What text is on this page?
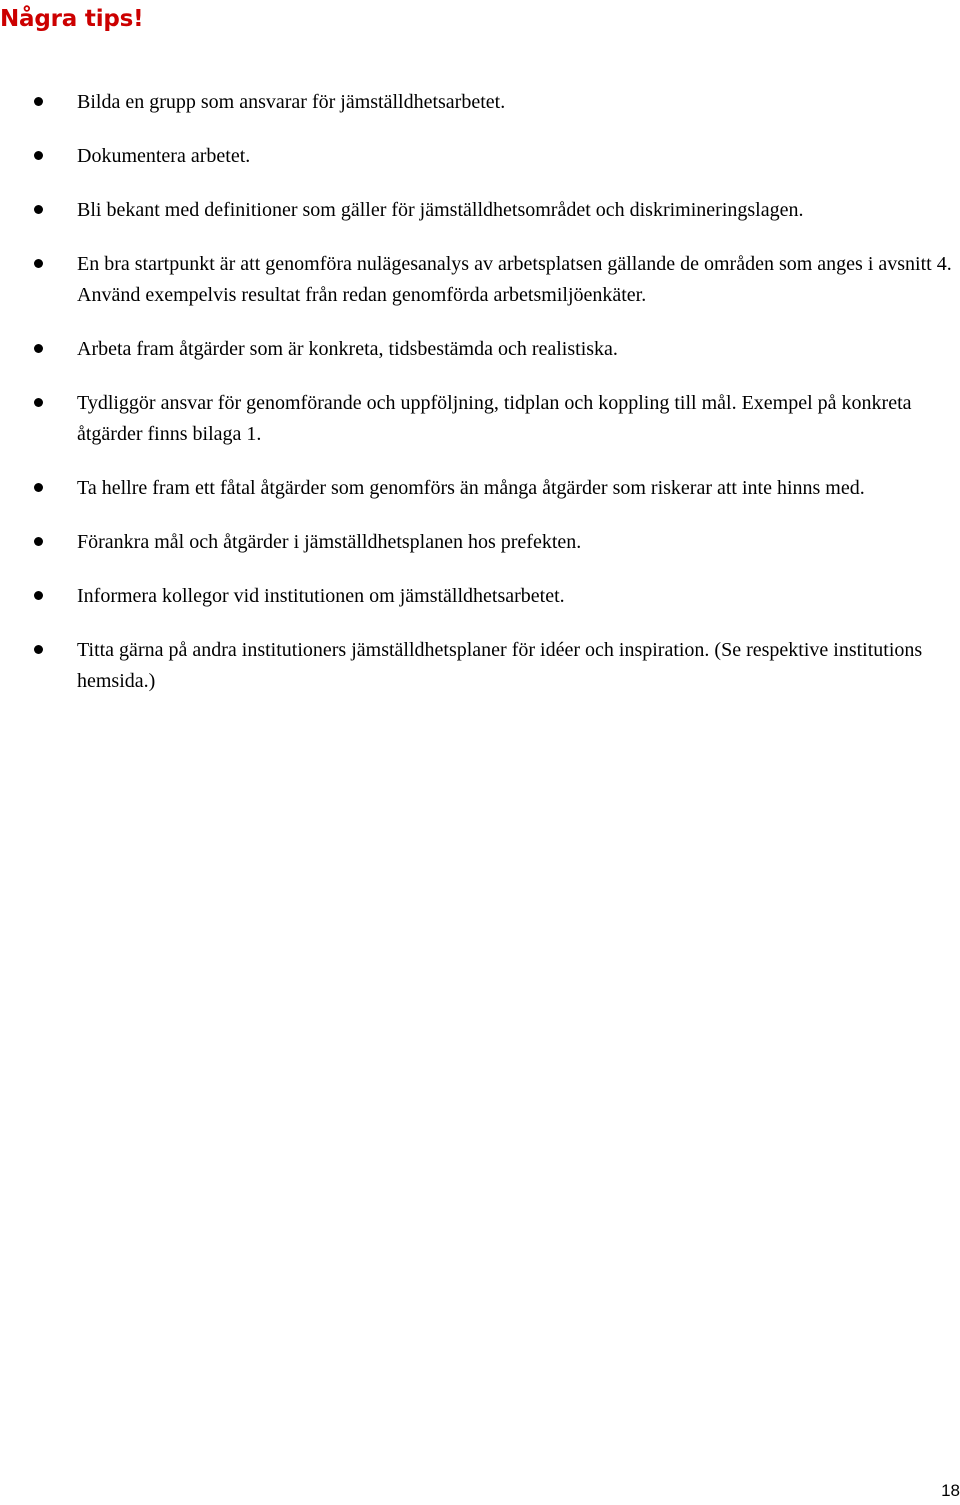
Några tips!
Bilda en grupp som ansvarar för jämställdhetsarbetet.
Dokumentera arbetet.
Bli bekant med definitioner som gäller för jämställdhetsområdet och diskrimineringslagen.
En bra startpunkt är att genomföra nulägesanalys av arbetsplatsen gällande de områden som anges i avsnitt 4. Använd exempelvis resultat från redan genomförda arbetsmiljöenkäter.
Arbeta fram åtgärder som är konkreta, tidsbestämda och realistiska.
Tydliggör ansvar för genomförande och uppföljning, tidplan och koppling till mål. Exempel på konkreta åtgärder finns bilaga 1.
Ta hellre fram ett fåtal åtgärder som genomförs än många åtgärder som riskerar att inte hinns med.
Förankra mål och åtgärder i jämställdhetsplanen hos prefekten.
Informera kollegor vid institutionen om jämställdhetsarbetet.
Titta gärna på andra institutioners jämställdhetsplaner för idéer och inspiration. (Se respektive institutions hemsida.)
18
